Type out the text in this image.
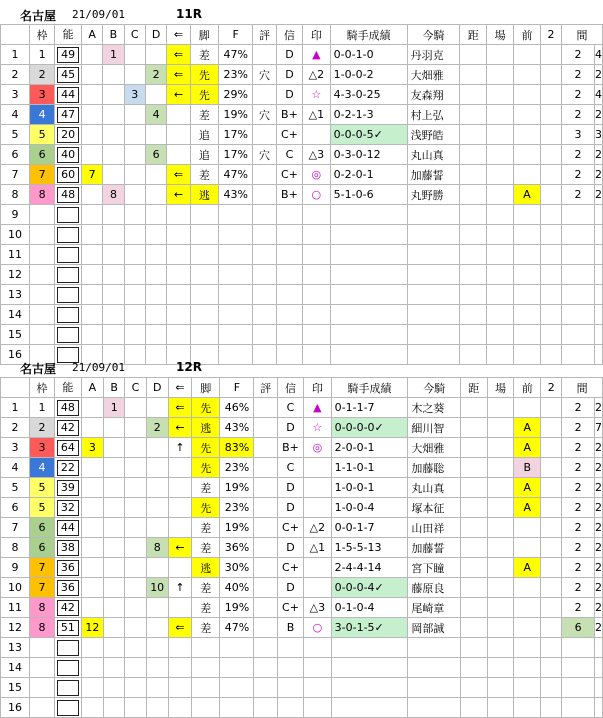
名古屋 21/09/01	11R
	枠	能	A	B	C	D	⇐	脚	F	評	信	印	騎手成績	今騎	距	場	前	2	間	
1	1	49		1			⇐	差	47%		D	▲	0-0-1-0	丹羽克					2	4
2	2	45				2	⇐	先	23%	穴	D	△2	1-0-0-2	大畑雅					2	2
3	3	44			3		←	先	29%		D	☆	4-3-0-25	友森翔					2	4
4	4	47				4		差	19%	穴	B+	△1	0-2-1-3	村上弘					2	2
5	5	20						追	17%		C+		0-0-0-5✓	浅野皓					3	3
6	6	40				6		追	17%	穴	C	△3	0-3-0-12	丸山真					2	2
7	7	60	7				⇐	差	47%		C+	◎	0-2-0-1	加藤誓					2	2
8	8	48		8			←	逃	43%		B+	○	5-1-0-6	丸野勝			A		2	2
9		

10		

11		

12		

13		

14		

15		

16		

名古屋 21/09/01	12R
	枠	能	A	B	C	D	⇐	脚	F	評	信	印	騎手成績	今騎	距	場	前	2	間	
1	1	48		1			⇐	先	46%		C	▲	0-1-1-7	木之葵					2	2
2	2	42				2	←	逃	43%		D	☆	0-0-0-0✓	細川智			A		2	7
3	3	64	3				↑	先	83%		B+	◎	2-0-0-1	大畑雅			A		2	2
4	4	22						先	23%		C		1-1-0-1	加藤聡			B		2	2
5	5	39						差	19%		D		1-0-0-1	丸山真			A		2	2
6	5	32						先	23%		D		1-0-0-4	塚本征			A		2	2
7	6	44						差	19%		C+	△2	0-0-1-7	山田祥					2	2
8	6	38				8	←	差	36%		D	△1	1-5-5-13	加藤誓					2	2
9	7	36						逃	30%		C+		2-4-4-14	宮下瞳			A		2	2
10	7	36				10	↑	差	40%		D		0-0-0-4✓	藤原良					2	2
11	8	42						差	19%		C+	△3	0-1-0-4	尾崎章					2	2
12	8	51	12				⇐	差	47%		B	○	3-0-1-5✓	岡部誠					6	2
13		

14		

15		

16		
